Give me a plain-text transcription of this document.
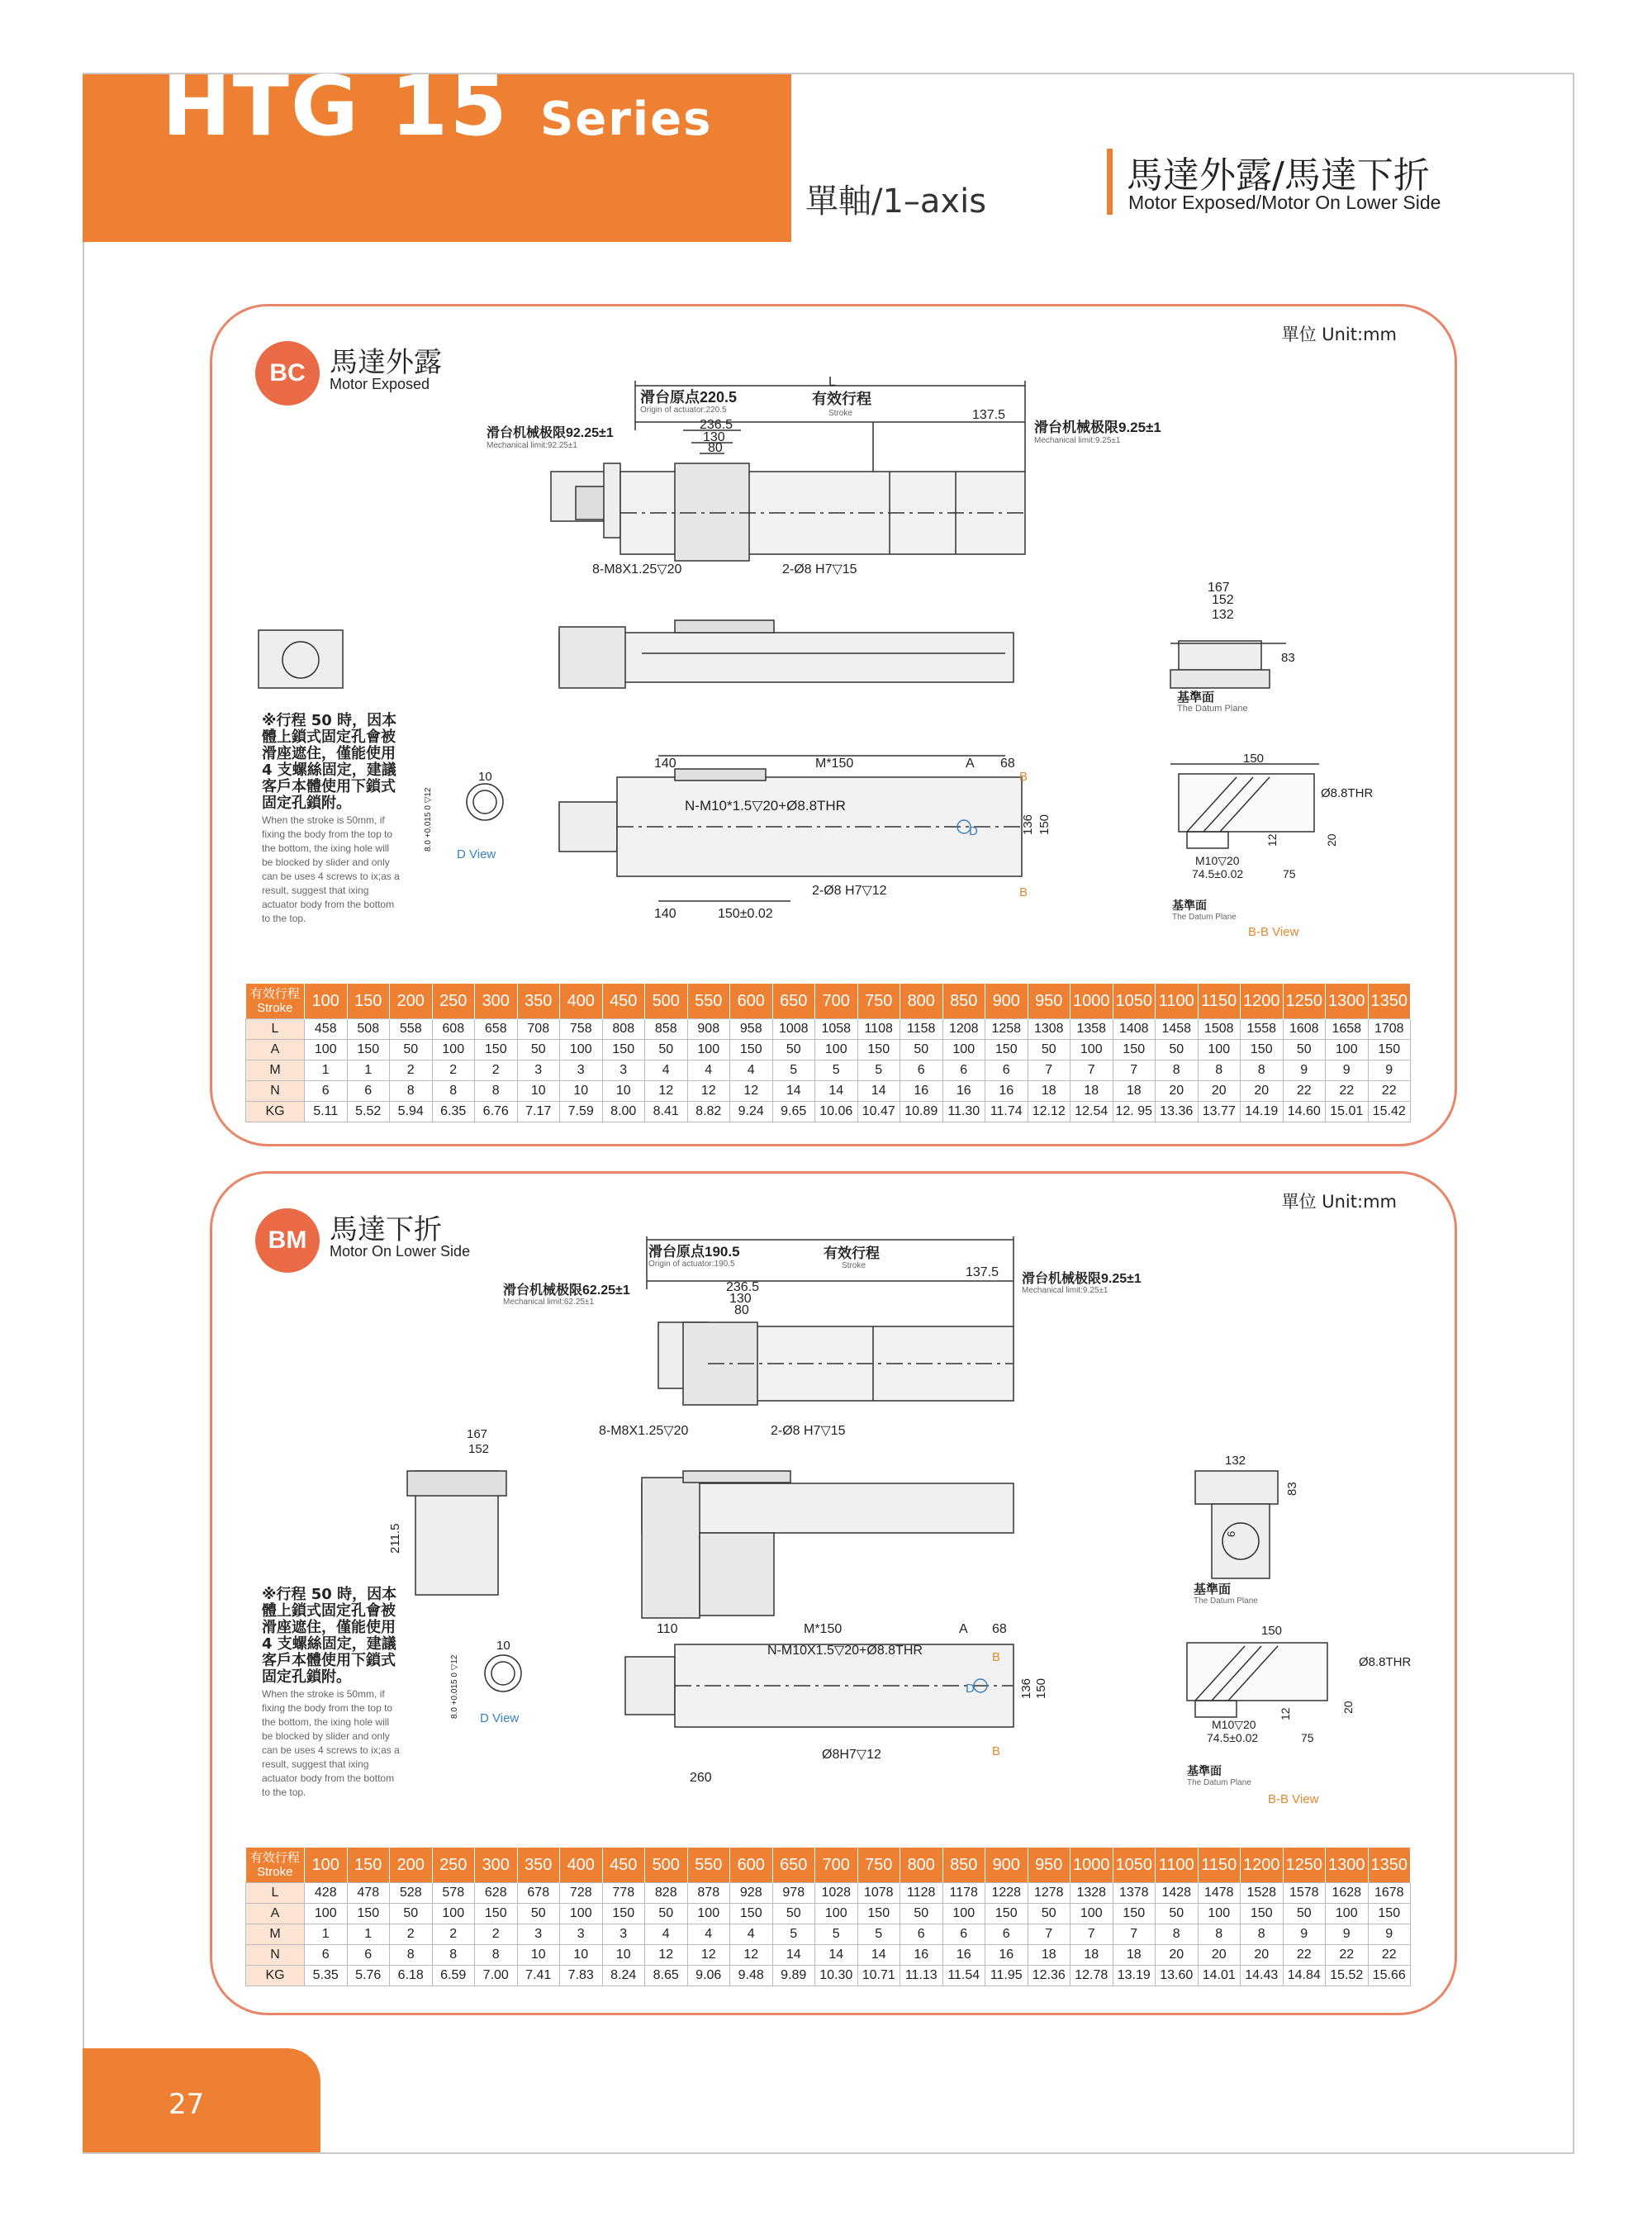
HTG 15 Series
單軸/1–axis
馬達外露/馬達下折
Motor Exposed/Motor On Lower Side
單位 Unit:mm
BC 馬達外露
Motor Exposed	L
滑台原点220.5
Origin of actuator:220.5
有效行程
Stroke
滑台机械极限92.25±1
Mechanical limit:92.25±1
滑台机械极限9.25±1
Mechanical limit:9.25±1
137.5
236.5
130
80
8-M8X1.25▽20	2-Ø8 H7▽15
167
152
132
83
基準面
The Datum Plane
140	M*150	A 68
B
N-M10*1.5▽20+Ø8.8THR
D	136 150
140	150±0.02
2-Ø8 H7▽12	B
10
D View
8.0 +0.015 0 ▽12
150
Ø8.8THR
20
12
M10▽20
74.5±0.02	75
基準面
The Datum Plane
B-B View
※行程 50 時，因本體上鎖式固定孔會被滑座遮住，僅能使用 4 支螺絲固定，建議客戶本體使用下鎖式固定孔鎖附。
When the stroke is 50mm, if fixing the body from the top to the bottom, the ixing hole will be blocked by slider and only can be uses 4 screws to ix;as a result, suggest that ixing actuator body from the bottom to the top.
有效行程
Stroke	100	150	200	250	300	350	400	450	500	550	600	650	700	750	800	850	900	950	1000	1050	1100	1150	1200	1250	1300	1350
L	458	508	558	608	658	708	758	808	858	908	958	1008	1058	1108	1158	1208	1258	1308	1358	1408	1458	1508	1558	1608	1658	1708
A	100	150	50	100	150	50	100	150	50	100	150	50	100	150	50	100	150	50	100	150	50	100	150	50	100	150
M	1	1	2	2	2	3	3	3	4	4	4	5	5	5	6	6	6	7	7	7	8	8	8	9	9	9
N	6	6	8	8	8	10	10	10	12	12	12	14	14	14	16	16	16	18	18	18	20	20	20	22	22	22
KG	5.11	5.52	5.94	6.35	6.76	7.17	7.59	8.00	8.41	8.82	9.24	9.65	10.06	10.47	10.89	11.30	11.74	12.12	12.54	12. 95	13.36	13.77	14.19	14.60	15.01	15.42
單位 Unit:mm
BM 馬達下折
Motor On Lower Side	滑台原点190.5
Origin of actuator:190.5
有效行程
Stroke
滑台机械极限62.25±1
Mechanical limit:62.25±1
滑台机械极限9.25±1
Mechanical limit:9.25±1
137.5
236.5
130
80
8-M8X1.25▽20	2-Ø8 H7▽15
167
152
211.5
132
83
6
基準面
The Datum Plane
110	M*150	A 68
N-M10X1.5▽20+Ø8.8THR	B
D	136 150
260
Ø8H7▽12	B
10
D View
8.0 +0.015 0 ▽12
150
Ø8.8THR
20
12
M10▽20
74.5±0.02	75
基準面
The Datum Plane
B-B View
※行程 50 時，因本體上鎖式固定孔會被滑座遮住，僅能使用 4 支螺絲固定，建議客戶本體使用下鎖式固定孔鎖附。
When the stroke is 50mm, if fixing the body from the top to the bottom, the ixing hole will be blocked by slider and only can be uses 4 screws to ix;as a result, suggest that ixing actuator body from the bottom to the top.
有效行程
Stroke	100	150	200	250	300	350	400	450	500	550	600	650	700	750	800	850	900	950	1000	1050	1100	1150	1200	1250	1300	1350
L	428	478	528	578	628	678	728	778	828	878	928	978	1028	1078	1128	1178	1228	1278	1328	1378	1428	1478	1528	1578	1628	1678
A	100	150	50	100	150	50	100	150	50	100	150	50	100	150	50	100	150	50	100	150	50	100	150	50	100	150
M	1	1	2	2	2	3	3	3	4	4	4	5	5	5	6	6	6	7	7	7	8	8	8	9	9	9
N	6	6	8	8	8	10	10	10	12	12	12	14	14	14	16	16	16	18	18	18	20	20	20	22	22	22
KG	5.35	5.76	6.18	6.59	7.00	7.41	7.83	8.24	8.65	9.06	9.48	9.89	10.30	10.71	11.13	11.54	11.95	12.36	12.78	13.19	13.60	14.01	14.43	14.84	15.52	15.66
27
